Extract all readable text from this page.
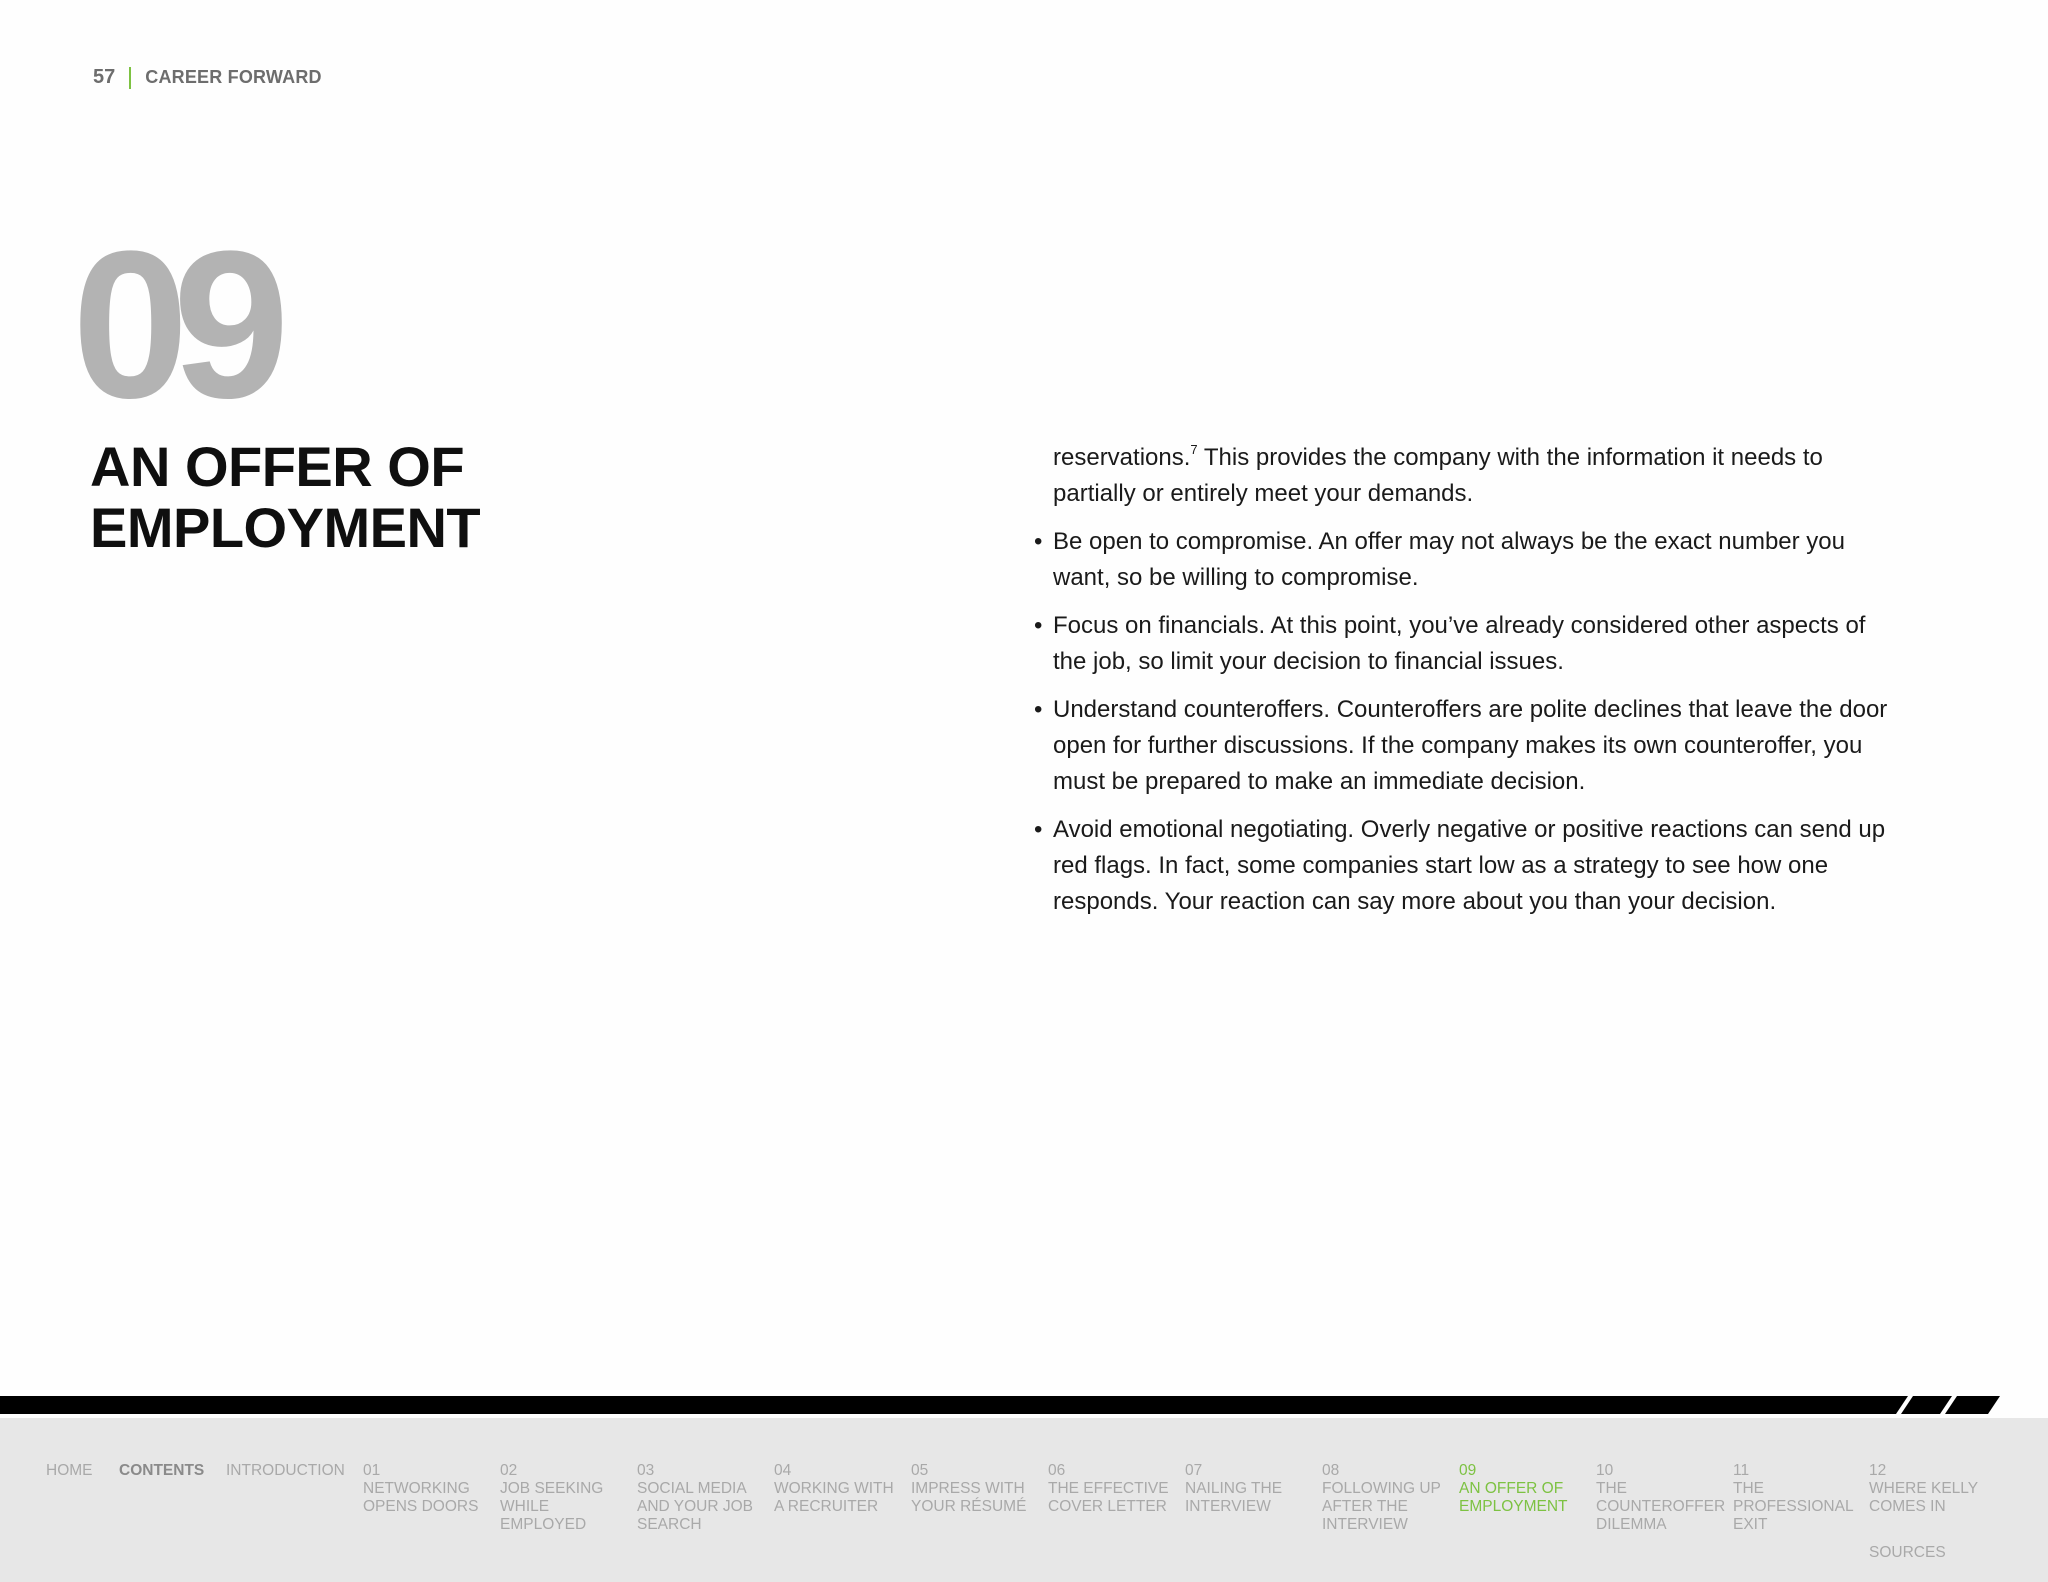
57 CAREER FORWARD
09
AN OFFER OF
EMPLOYMENT

reservations.$^7$ This provides the company with the information it needs to partially or entirely meet your demands.

• Be open to compromise. An offer may not always be the exact number you want, so be willing to compromise.
• Focus on financials. At this point, you’ve already considered other aspects of the job, so limit your decision to financial issues.
• Understand counteroffers. Counteroffers are polite declines that leave the door open for further discussions. If the company makes its own counteroffer, you must be prepared to make an immediate decision.
• Avoid emotional negotiating. Overly negative or positive reactions can send up red flags. In fact, some companies start low as a strategy to see how one responds. Your reaction can say more about you than your decision.
HOME	CONTENTS	INTRODUCTION	01
NETWORKING OPENS DOORS
02
JOB SEEKING WHILE EMPLOYED
03
SOCIAL MEDIA AND YOUR JOB SEARCH
04
WORKING WITH A RECRUITER
05
IMPRESS WITH YOUR RÉSUMÉ
06
THE EFFECTIVE COVER LETTER
07
NAILING THE INTERVIEW
08
FOLLOWING UP AFTER THE INTERVIEW
09
AN OFFER OF EMPLOYMENT
10
THE COUNTEROFFER DILEMMA
11
THE PROFESSIONAL EXIT
12
WHERE KELLY COMES IN
SOURCES
